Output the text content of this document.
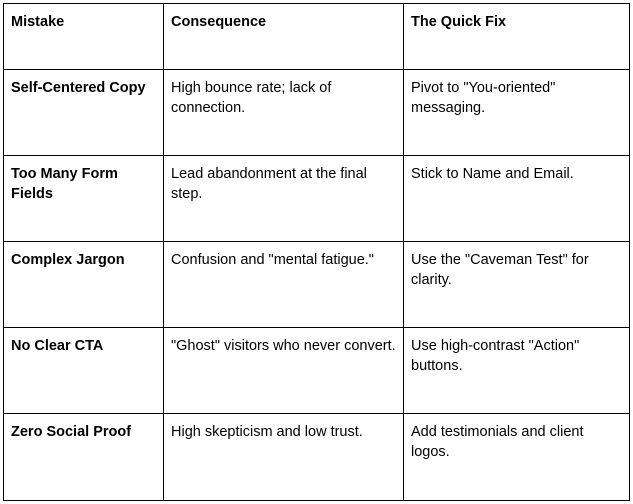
Mistake	Consequence	The Quick Fix
Self-Centered Copy	High bounce rate; lack of connection.	Pivot to "You-oriented" messaging.
Too Many Form Fields	Lead abandonment at the final step.	Stick to Name and Email.
Complex Jargon	Confusion and "mental fatigue."	Use the "Caveman Test" for clarity.
No Clear CTA	"Ghost" visitors who never convert.	Use high-contrast "Action" buttons.
Zero Social Proof	High skepticism and low trust.	Add testimonials and client logos.
